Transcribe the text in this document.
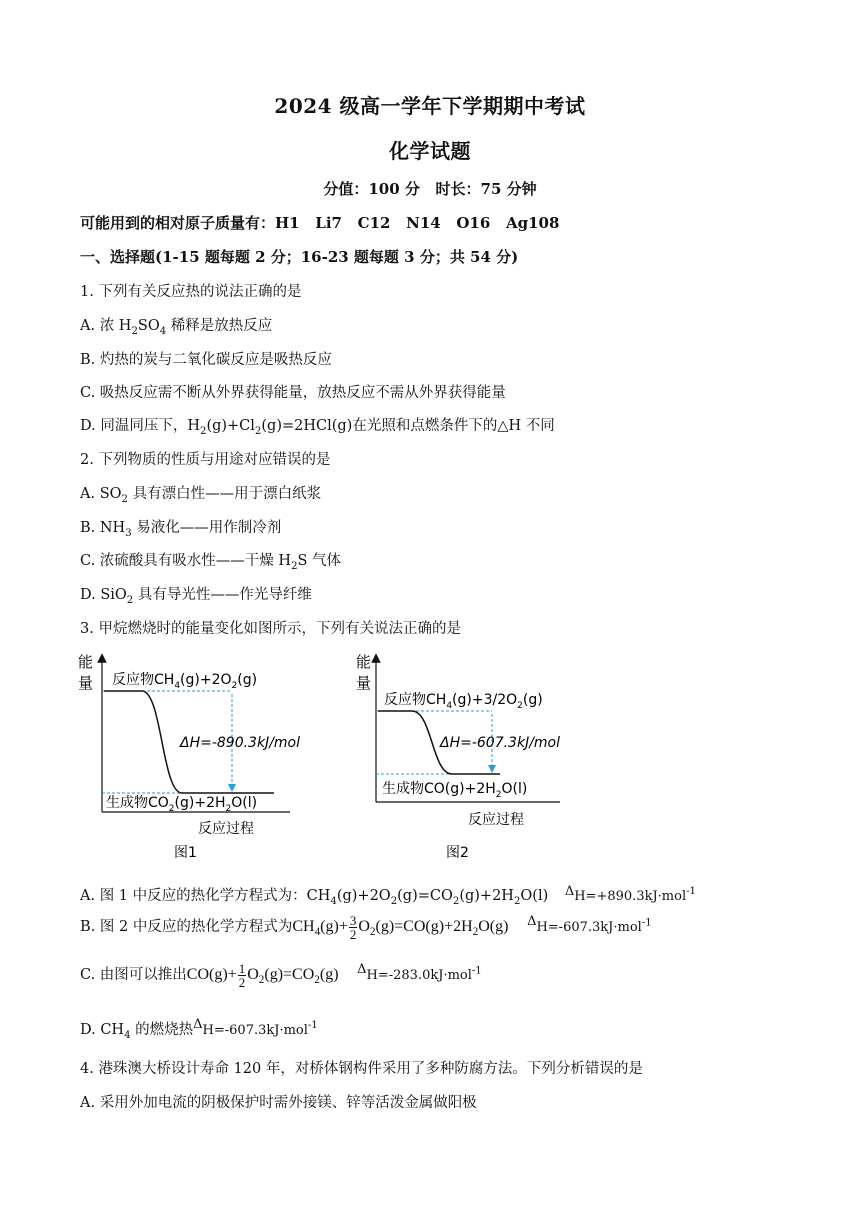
2024 级高一学年下学期期中考试
化学试题
分值：100 分   时长：75 分钟
可能用到的相对原子质量有：H1   Li7   C12   N14   O16   Ag108
一、选择题(1-15 题每题 2 分；16-23 题每题 3 分；共 54 分)
1. 下列有关反应热的说法正确的是
A. 浓 $H_2SO_4$ 稀释是放热反应
B. 灼热的炭与二氧化碳反应是吸热反应
C. 吸热反应需不断从外界获得能量，放热反应不需从外界获得能量
D. 同温同压下，$H_2(g)+Cl_2(g)=2HCl(g)$在光照和点燃条件下的△H 不同
2. 下列物质的性质与用途对应错误的是
A. $SO_2$ 具有漂白性——用于漂白纸浆
B. $NH_3$ 易液化——用作制冷剂
C. 浓硫酸具有吸水性——干燥 $H_2S$ 气体
D. SiO$_2$ 具有导光性——作光导纤维
3. 甲烷燃烧时的能量变化如图所示，下列有关说法正确的是
能
量 反应物$CH_4(g)+2O_2(g)$
ΔH=-890.3kJ/mol
生成物$CO_2(g)+2H_2O(l)$
反应过程
图1
能
量
反应物$CH_4(g)+3/2O_2(g)$
ΔH=-607.3kJ/mol
生成物$CO(g)+2H_2O(l)$
反应过程
图2
A. 图 1 中反应的热化学方程式为：$CH_4(g)+2O_2(g)=CO_2(g)+2H_2O(l)$ ΔH=+890.3kJ·mol$^{-1}$
B. 图 2 中反应的热化学方程式为$CH_4(g)+ \frac{3}{2} O_2(g)=CO(g)+2H_2O(g)$ ΔH=-607.3kJ·mol$^{-1}$
C. 由图可以推出$CO(g)+ \frac{1}{2} O_2(g)=CO_2(g)$ ΔH=-283.0kJ·mol$^{-1}$
D. $CH_4$ 的燃烧热ΔH=-607.3kJ·mol$^{-1}$
4. 港珠澳大桥设计寿命 120 年，对桥体钢构件采用了多种防腐方法。下列分析错误的是
A. 采用外加电流的阴极保护时需外接镁、锌等活泼金属做阳极
